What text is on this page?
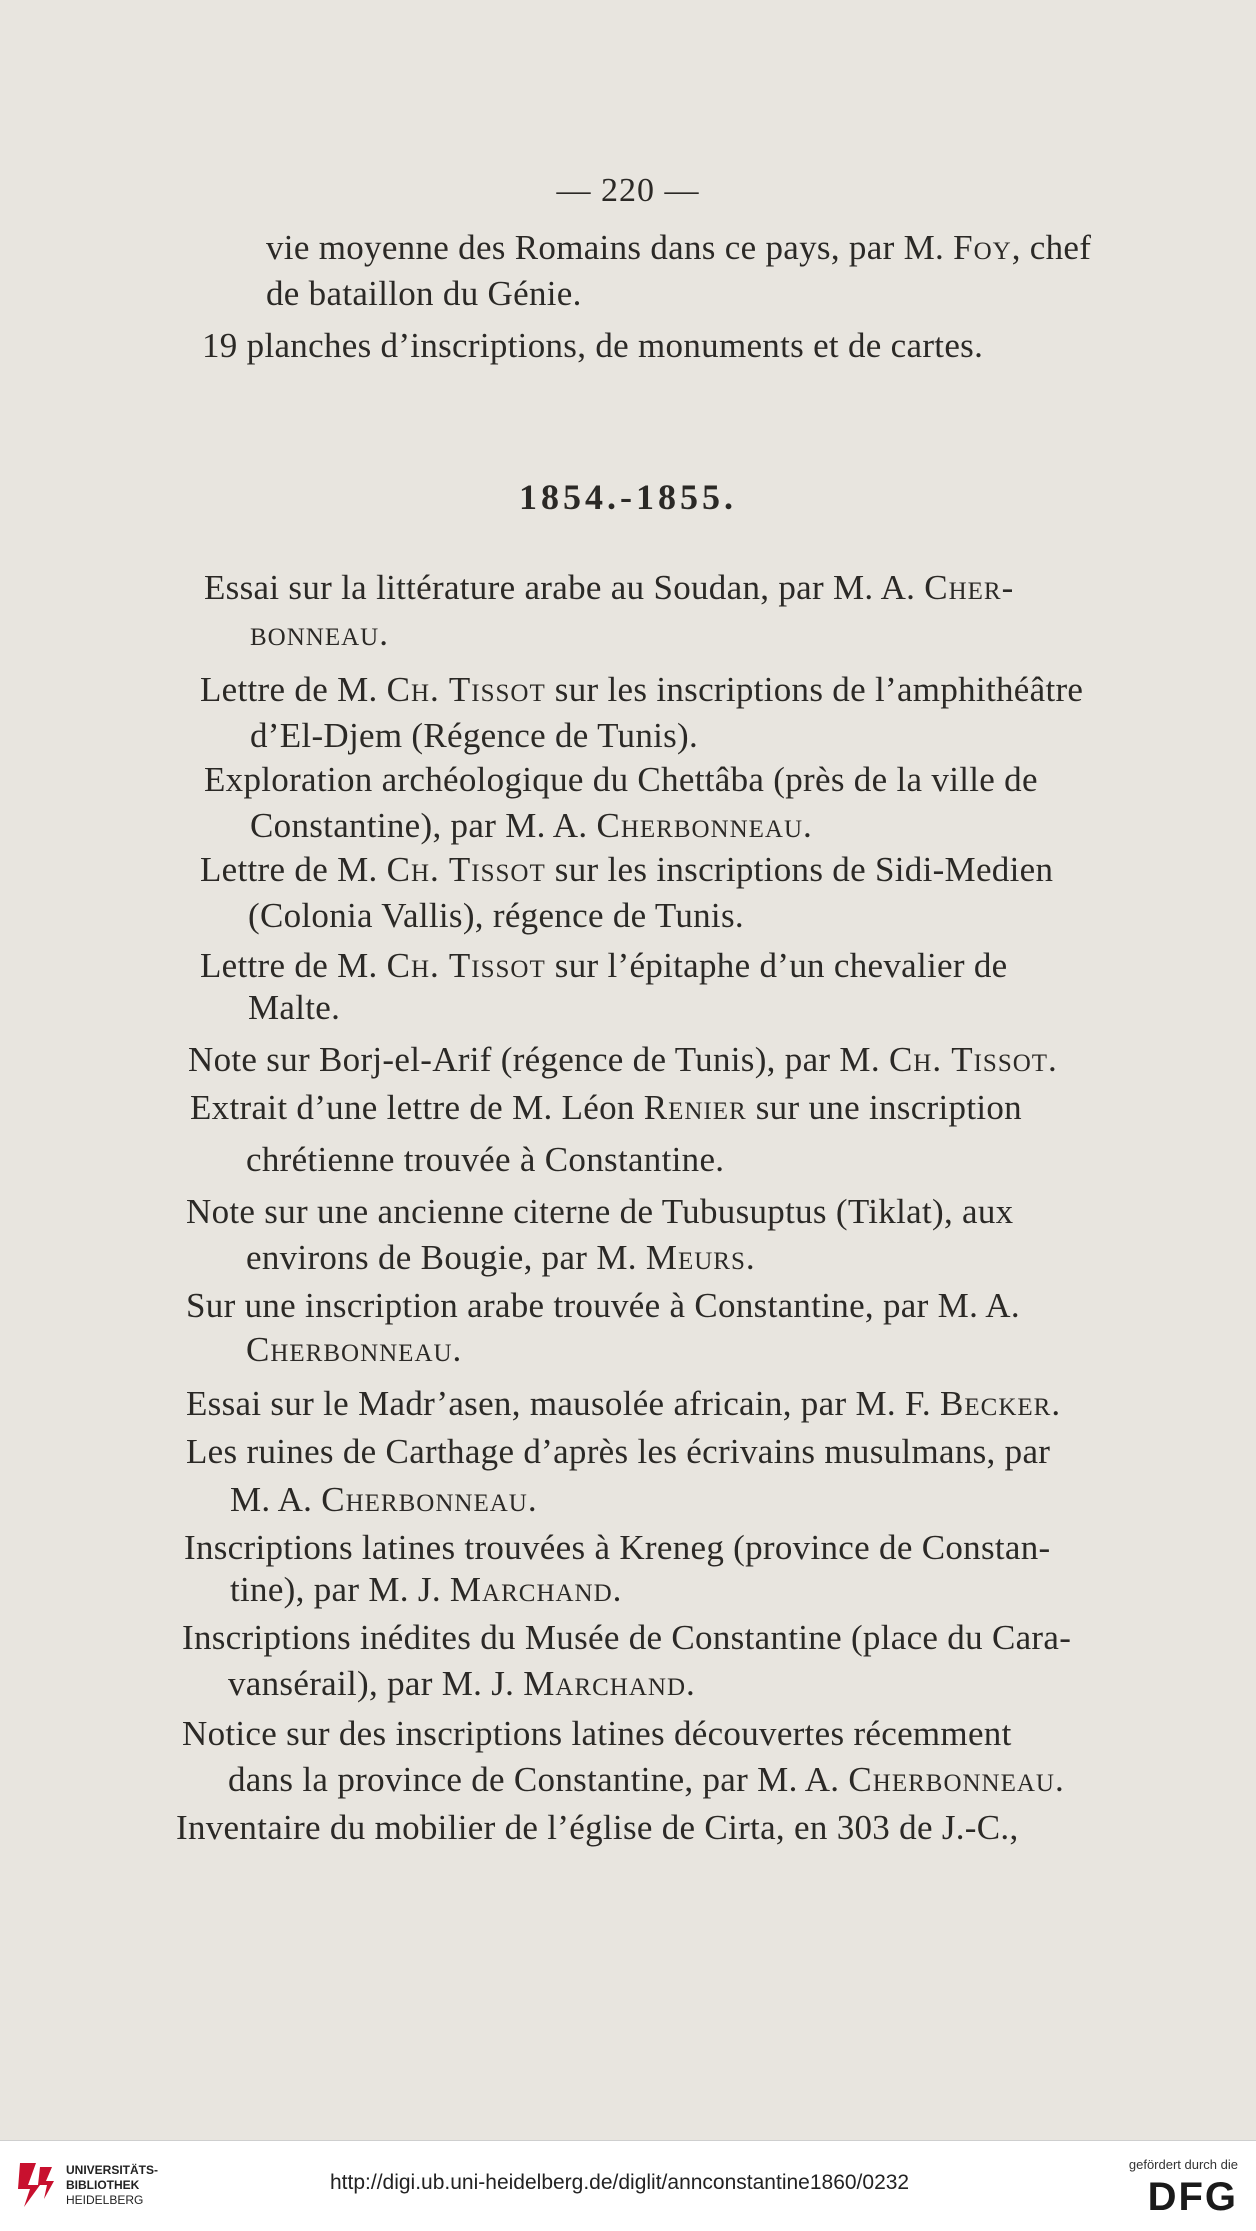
— 220 —
vie moyenne des Romains dans ce pays, par M. Foy, chef
de bataillon du Génie.
19 planches d’inscriptions, de monuments et de cartes.
1854.-1855.
Essai sur la littérature arabe au Soudan, par M. A. Cher-
bonneau.
Lettre de M. Ch. Tissot sur les inscriptions de l’amphithéâtre
d’El-Djem (Régence de Tunis).
Exploration archéologique du Chettâba (près de la ville de
Constantine), par M. A. Cherbonneau.
Lettre de M. Ch. Tissot sur les inscriptions de Sidi-Medien
(Colonia Vallis), régence de Tunis.
Lettre de M. Ch. Tissot sur l’épitaphe d’un chevalier de
Malte.
Note sur Borj-el-Arif (régence de Tunis), par M. Ch. Tissot.
Extrait d’une lettre de M. Léon Renier sur une inscription
chrétienne trouvée à Constantine.
Note sur une ancienne citerne de Tubusuptus (Tiklat), aux
environs de Bougie, par M. Meurs.
Sur une inscription arabe trouvée à Constantine, par M. A.
Cherbonneau.
Essai sur le Madr’asen, mausolée africain, par M. F. Becker.
Les ruines de Carthage d’après les écrivains musulmans, par
M. A. Cherbonneau.
Inscriptions latines trouvées à Kreneg (province de Constan-
tine), par M. J. Marchand.
Inscriptions inédites du Musée de Constantine (place du Cara-
vansérail), par M. J. Marchand.
Notice sur des inscriptions latines découvertes récemment
dans la province de Constantine, par M. A. Cherbonneau.
Inventaire du mobilier de l’église de Cirta, en 303 de J.-C.,
UNIVERSITÄTS-
BIBLIOTHEK
HEIDELBERG
http://digi.ub.uni-heidelberg.de/diglit/annconstantine1860/0232
gefördert durch die
DFG
